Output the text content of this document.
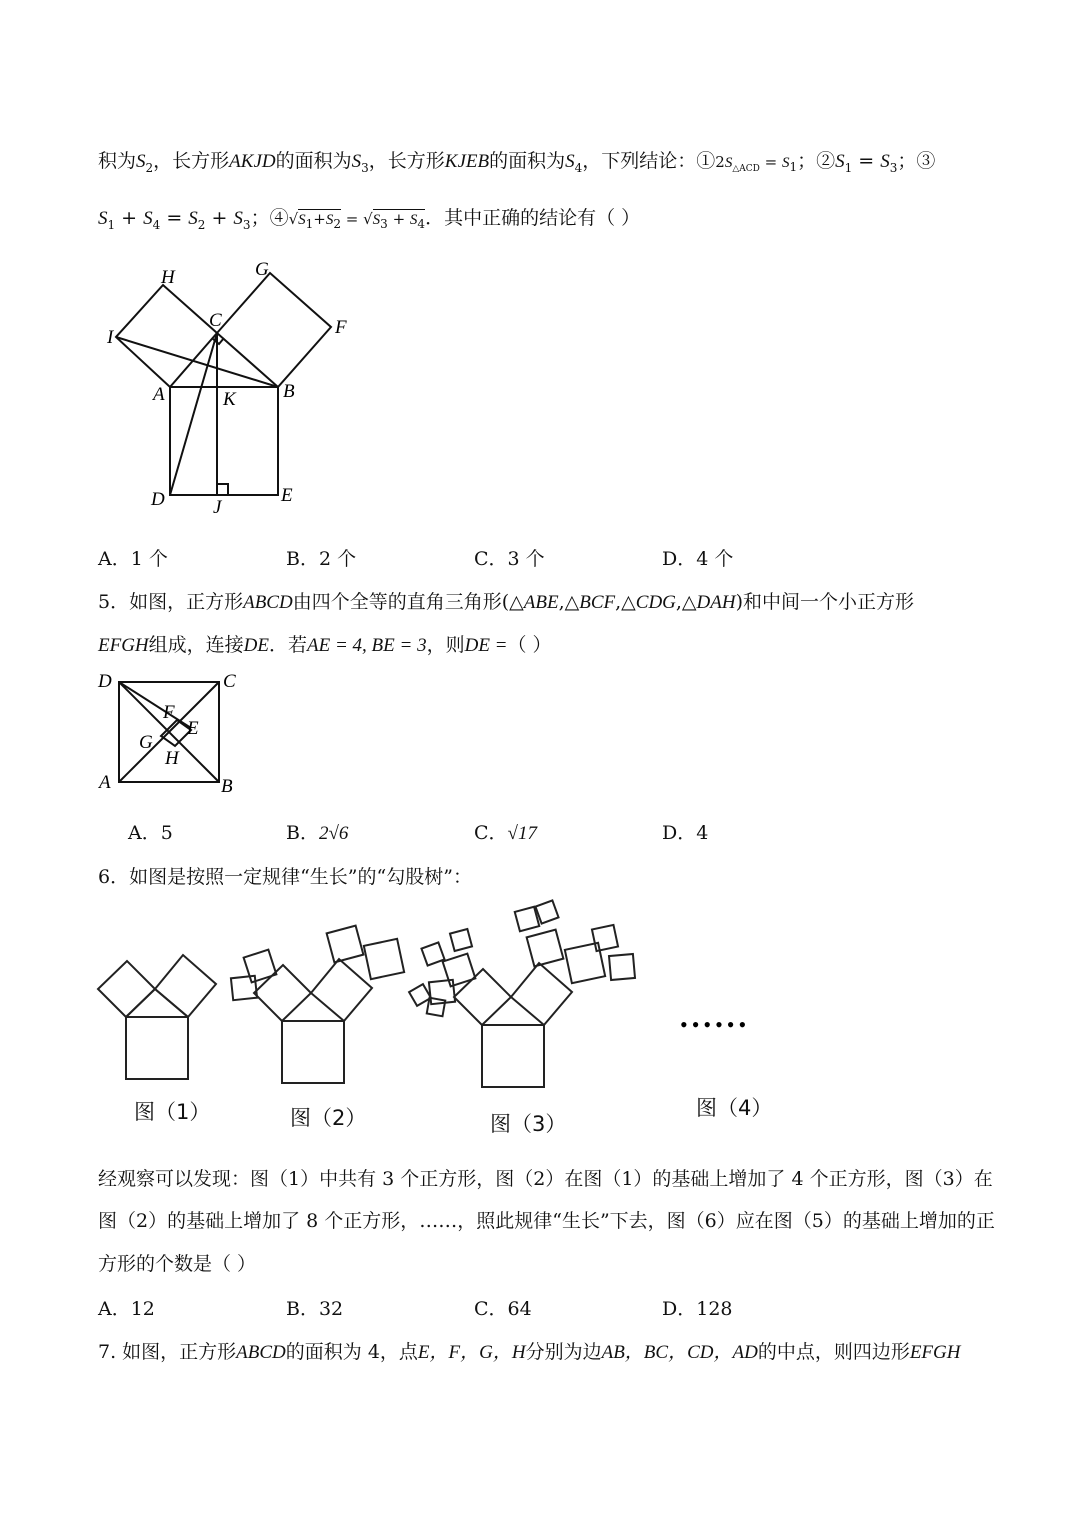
积为$S_2$，长方形AKJD的面积为$S_3$，长方形KJEB的面积为$S_4$，下列结论：$①2S_{\triangle ACD} = S_1$；$②S_1 = S_3$；③
$S_1 + S_4 = S_2 + S_3$；$④√S_1+S_2 = √S_3 + S_4$．其中正确的结论有（ ）
H	G
C	F
I
A	K B
D	J
E
A．1 个	B．2 个	C．3 个	D．4 个
5．如图，正方形ABCD由四个全等的直角三角形(△ABE,△BCF,△CDG,△DAH)和中间一个小正方形
EFGH组成，连接DE．若AE = 4, BE = 3，则DE =（ ）
D	C
F
E
G
H
A	B
A．5	B．2√6	C．√17	D．4
6．如图是按照一定规律“生长”的“勾股树”：
••••••
图（1）	图（2）	图（3）
图（4）
经观察可以发现：图（1）中共有 3 个正方形，图（2）在图（1）的基础上增加了 4 个正方形，图（3）在
图（2）的基础上增加了 8 个正方形，……，照此规律“生长”下去，图（6）应在图（5）的基础上增加的正
方形的个数是（ ）
A．12	B．32	C．64	D．128
7. 如图，正方形ABCD的面积为 4，点E，F，G，H分别为边AB，BC，CD，AD的中点，则四边形EFGH
